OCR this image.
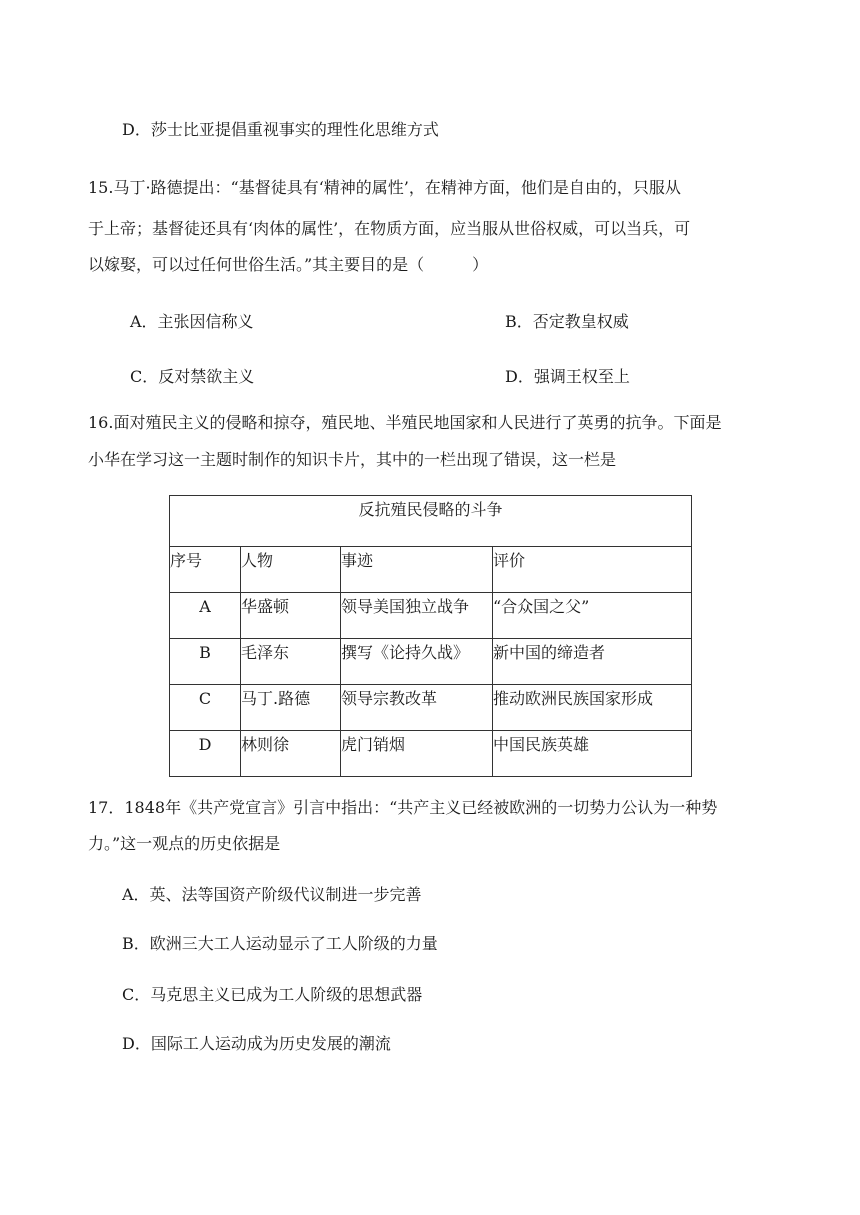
D．莎士比亚提倡重视事实的理性化思维方式
15.马丁·路德提出：“基督徒具有‘精神的属性’，在精神方面，他们是自由的，只服从
于上帝；基督徒还具有‘肉体的属性’，在物质方面，应当服从世俗权威，可以当兵，可
以嫁娶，可以过任何世俗生活。”其主要目的是（　　　）
A．主张因信称义	B．否定教皇权威
C．反对禁欲主义	D．强调王权至上
16.面对殖民主义的侵略和掠夺，殖民地、半殖民地国家和人民进行了英勇的抗争。下面是
小华在学习这一主题时制作的知识卡片，其中的一栏出现了错误，这一栏是
反抗殖民侵略的斗争			
序号	人物	事迹	评价
A	华盛顿	领导美国独立战争	“合众国之父”
B	毛泽东	撰写《论持久战》	新中国的缔造者
C	马丁.路德	领导宗教改革	推动欧洲民族国家形成
D	林则徐	虎门销烟	中国民族英雄
17．1848年《共产党宣言》引言中指出：“共产主义已经被欧洲的一切势力公认为一种势
力。”这一观点的历史依据是
A．英、法等国资产阶级代议制进一步完善
B．欧洲三大工人运动显示了工人阶级的力量
C．马克思主义已成为工人阶级的思想武器
D．国际工人运动成为历史发展的潮流
